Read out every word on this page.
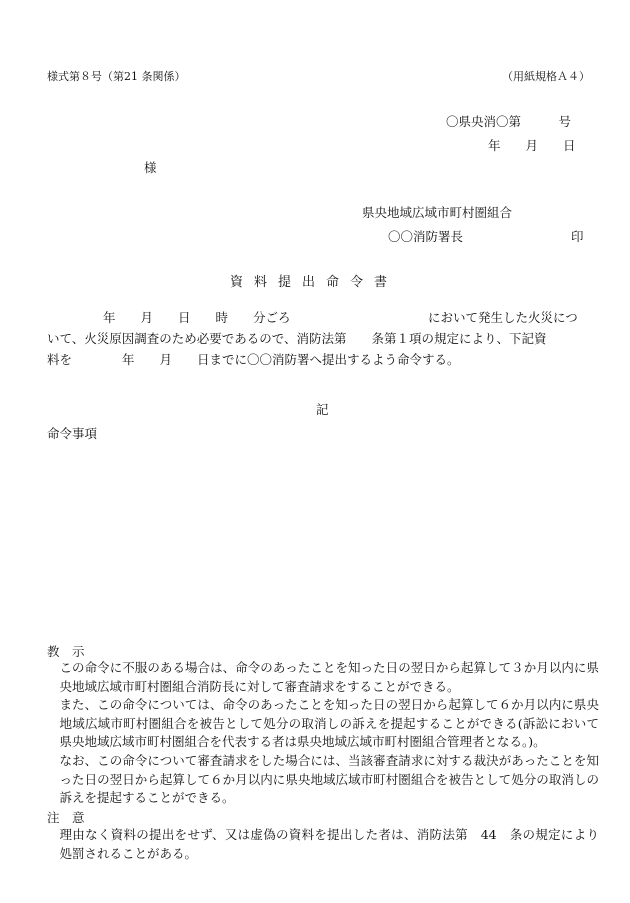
様式第８号（第21 条関係）	（用紙規格Ａ４）
〇県央消〇第　　　号
年　　月　　日
様
県央地域広域市町村圏組合
〇〇消防署長	印
資料提出命令書
年　　月　　日　　時　　分ごろ　　　　　　　　　　　において発生した火災につ
いて、火災原因調査のため必要であるので、消防法第　　条第１項の規定により、下記資
料を　　　　年　　月　　日までに〇〇消防署へ提出するよう命令する。
記
命令事項
教　示
この命令に不服のある場合は、命令のあったことを知った日の翌日から起算して３か月以内に県央地域広域市町村圏組合消防長に対して審査請求をすることができる。
また、この命令については、命令のあったことを知った日の翌日から起算して６か月以内に県央地域広域市町村圏組合を被告として処分の取消しの訴えを提起することができる(訴訟において県央地域広域市町村圏組合を代表する者は県央地域広域市町村圏組合管理者となる。)。
なお、この命令について審査請求をした場合には、当該審査請求に対する裁決があったことを知った日の翌日から起算して６か月以内に県央地域広域市町村圏組合を被告として処分の取消しの訴えを提起することができる。
注　意
理由なく資料の提出をせず、又は虚偽の資料を提出した者は、消防法第　44　条の規定により処罰されることがある。
